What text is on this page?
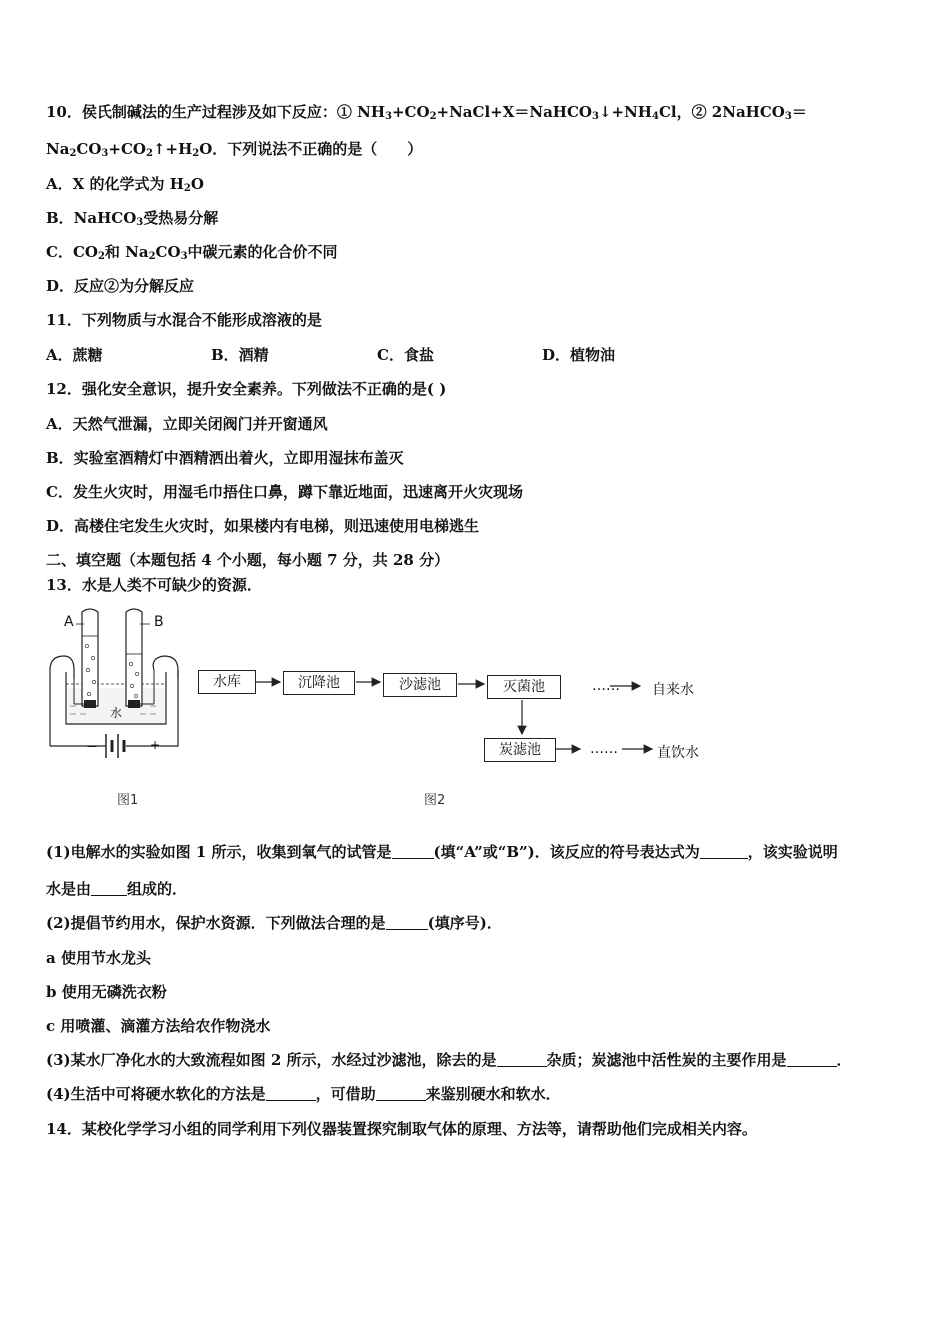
10．侯氏制碱法的生产过程涉及如下反应：① $NH_3+CO_2+NaCl+X=NaHCO_3↓+NH_4Cl$，② 2NaHCO$_3$＝
$Na_2CO_3+CO_2↑+H_2O$．下列说法不正确的是（　　）
A．X 的化学式为 $H_2O$
B．NaHCO$_3$受热易分解
C．$CO_2$和 $Na_2CO_3$中碳元素的化合价不同
D．反应②为分解反应
11．下列物质与水混合不能形成溶液的是
A．蔗糖	B．酒精	C．食盐	D．植物油
12．强化安全意识，提升安全素养。下列做法不正确的是( )
A．天然气泄漏，立即关闭阀门并开窗通风
B．实验室酒精灯中酒精洒出着火，立即用湿抹布盖灭
C．发生火灾时，用湿毛巾捂住口鼻，蹲下靠近地面，迅速离开火灾现场
D．高楼住宅发生火灾时，如果楼内有电梯，则迅速使用电梯逃生
二、填空题（本题包括 4 个小题，每小题 7 分，共 28 分）
13．水是人类不可缺少的资源．
A	B
水
－	+
图1
水库	沉降池	沙滤池	灭菌池
炭滤池
……
……
自来水
直饮水
图2
(1)电解水的实验如图 1 所示，收集到氧气的试管是	(填“A”或“B”)．该反应的符号表达式为	，该实验说明
水是由 组成的．
(2)提倡节约用水，保护水资源．下列做法合理的是	(填序号)．
a 使用节水龙头
b 使用无磷洗衣粉
c 用喷灌、滴灌方法给农作物浇水
(3)某水厂净化水的大致流程如图 2 所示，水经过沙滤池，除去的是	杂质；炭滤池中活性炭的主要作用是	．
(4)生活中可将硬水软化的方法是	，可借助	来鉴别硬水和软水．
14．某校化学学习小组的同学利用下列仪器装置探究制取气体的原理、方法等，请帮助他们完成相关内容。
